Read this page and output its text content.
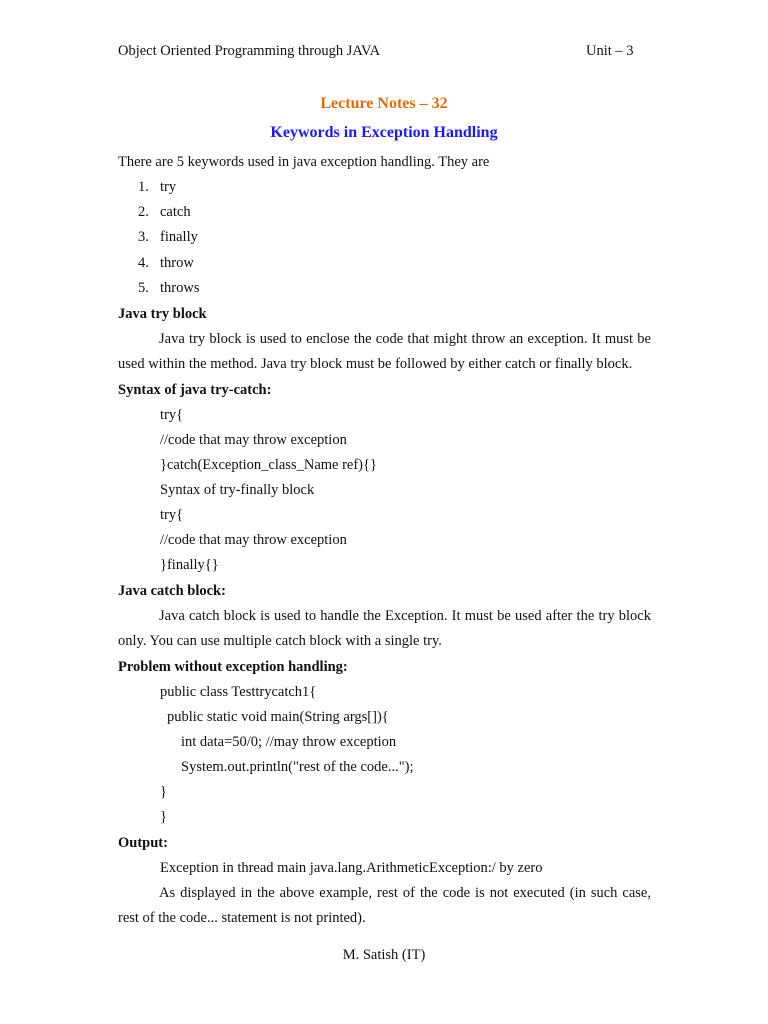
Object Oriented Programming through JAVA	Unit – 3
Lecture Notes – 32
Keywords in Exception Handling
There are 5 keywords used in java exception handling. They are
1. try
2. catch
3. finally
4. throw
5. throws
Java try block
Java try block is used to enclose the code that might throw an exception. It must be used within the method. Java try block must be followed by either catch or finally block.
Syntax of java try-catch:
try{
//code that may throw exception
}catch(Exception_class_Name ref){}
Syntax of try-finally block
try{
//code that may throw exception
}finally{}
Java catch block:
Java catch block is used to handle the Exception. It must be used after the try block only. You can use multiple catch block with a single try.
Problem without exception handling:
public class Testtrycatch1{
public static void main(String args[]){
int data=50/0; //may throw exception
System.out.println("rest of the code...");
}
}
Output:
Exception in thread main java.lang.ArithmeticException:/ by zero
As displayed in the above example, rest of the code is not executed (in such case, rest of the code... statement is not printed).
M. Satish (IT)
